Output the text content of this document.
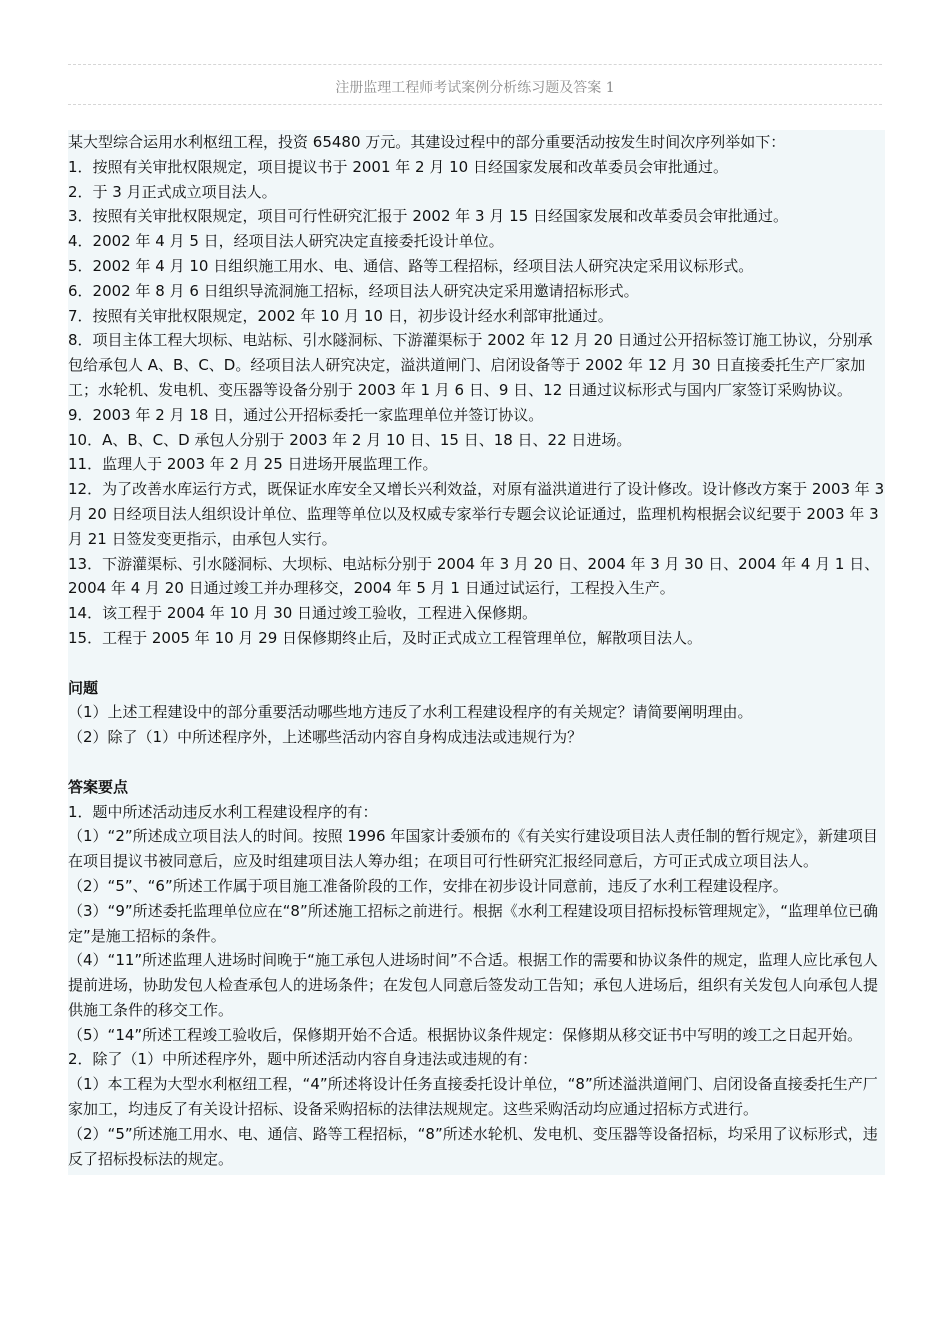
注册监理工程师考试案例分析练习题及答案 1

某大型综合运用水利枢纽工程，投资 65480 万元。其建设过程中的部分重要活动按发生时间次序列举如下：

1．按照有关审批权限规定，项目提议书于 2001 年 2 月 10 日经国家发展和改革委员会审批通过。

2．于 3 月正式成立项目法人。

3．按照有关审批权限规定，项目可行性研究汇报于 2002 年 3 月 15 日经国家发展和改革委员会审批通过。

4．2002 年 4 月 5 日，经项目法人研究决定直接委托设计单位。

5．2002 年 4 月 10 日组织施工用水、电、通信、路等工程招标，经项目法人研究决定采用议标形式。

6．2002 年 8 月 6 日组织导流洞施工招标，经项目法人研究决定采用邀请招标形式。

7．按照有关审批权限规定，2002 年 10 月 10 日，初步设计经水利部审批通过。

8．项目主体工程大坝标、电站标、引水隧洞标、下游灌渠标于 2002 年 12 月 20 日通过公开招标签订施工协议，分别承包给承包人 A、B、C、D。经项目法人研究决定，溢洪道闸门、启闭设备等于 2002 年 12 月 30 日直接委托生产厂家加工；水轮机、发电机、变压器等设备分别于 2003 年 1 月 6 日、9 日、12 日通过议标形式与国内厂家签订采购协议。

9．2003 年 2 月 18 日，通过公开招标委托一家监理单位并签订协议。

10．A、B、C、D 承包人分别于 2003 年 2 月 10 日、15 日、18 日、22 日进场。

11．监理人于 2003 年 2 月 25 日进场开展监理工作。

12．为了改善水库运行方式，既保证水库安全又增长兴利效益，对原有溢洪道进行了设计修改。设计修改方案于 2003 年 3 月 20 日经项目法人组织设计单位、监理等单位以及权威专家举行专题会议论证通过，监理机构根据会议纪要于 2003 年 3 月 21 日签发变更指示，由承包人实行。

13．下游灌渠标、引水隧洞标、大坝标、电站标分别于 2004 年 3 月 20 日、2004 年 3 月 30 日、2004 年 4 月 1 日、2004 年 4 月 20 日通过竣工并办理移交，2004 年 5 月 1 日通过试运行，工程投入生产。

14．该工程于 2004 年 10 月 30 日通过竣工验收，工程进入保修期。

15．工程于 2005 年 10 月 29 日保修期终止后，及时正式成立工程管理单位，解散项目法人。

问题

（1）上述工程建设中的部分重要活动哪些地方违反了水利工程建设程序的有关规定？请简要阐明理由。

（2）除了（1）中所述程序外，上述哪些活动内容自身构成违法或违规行为？

答案要点

1．题中所述活动违反水利工程建设程序的有：

（1）“2”所述成立项目法人的时间。按照 1996 年国家计委颁布的《有关实行建设项目法人责任制的暂行规定》，新建项目在项目提议书被同意后，应及时组建项目法人筹办组；在项目可行性研究汇报经同意后，方可正式成立项目法人。

（2）“5”、“6”所述工作属于项目施工准备阶段的工作，安排在初步设计同意前，违反了水利工程建设程序。

（3）“9”所述委托监理单位应在“8”所述施工招标之前进行。根据《水利工程建设项目招标投标管理规定》，“监理单位已确定”是施工招标的条件。

（4）“11”所述监理人进场时间晚于“施工承包人进场时间”不合适。根据工作的需要和协议条件的规定，监理人应比承包人提前进场，协助发包人检查承包人的进场条件；在发包人同意后签发动工告知；承包人进场后，组织有关发包人向承包人提供施工条件的移交工作。

（5）“14”所述工程竣工验收后，保修期开始不合适。根据协议条件规定：保修期从移交证书中写明的竣工之日起开始。

2．除了（1）中所述程序外，题中所述活动内容自身违法或违规的有：

（1）本工程为大型水利枢纽工程，“4”所述将设计任务直接委托设计单位，“8”所述溢洪道闸门、启闭设备直接委托生产厂家加工，均违反了有关设计招标、设备采购招标的法律法规规定。这些采购活动均应通过招标方式进行。

（2）“5”所述施工用水、电、通信、路等工程招标，“8”所述水轮机、发电机、变压器等设备招标，均采用了议标形式，违反了招标投标法的规定。
